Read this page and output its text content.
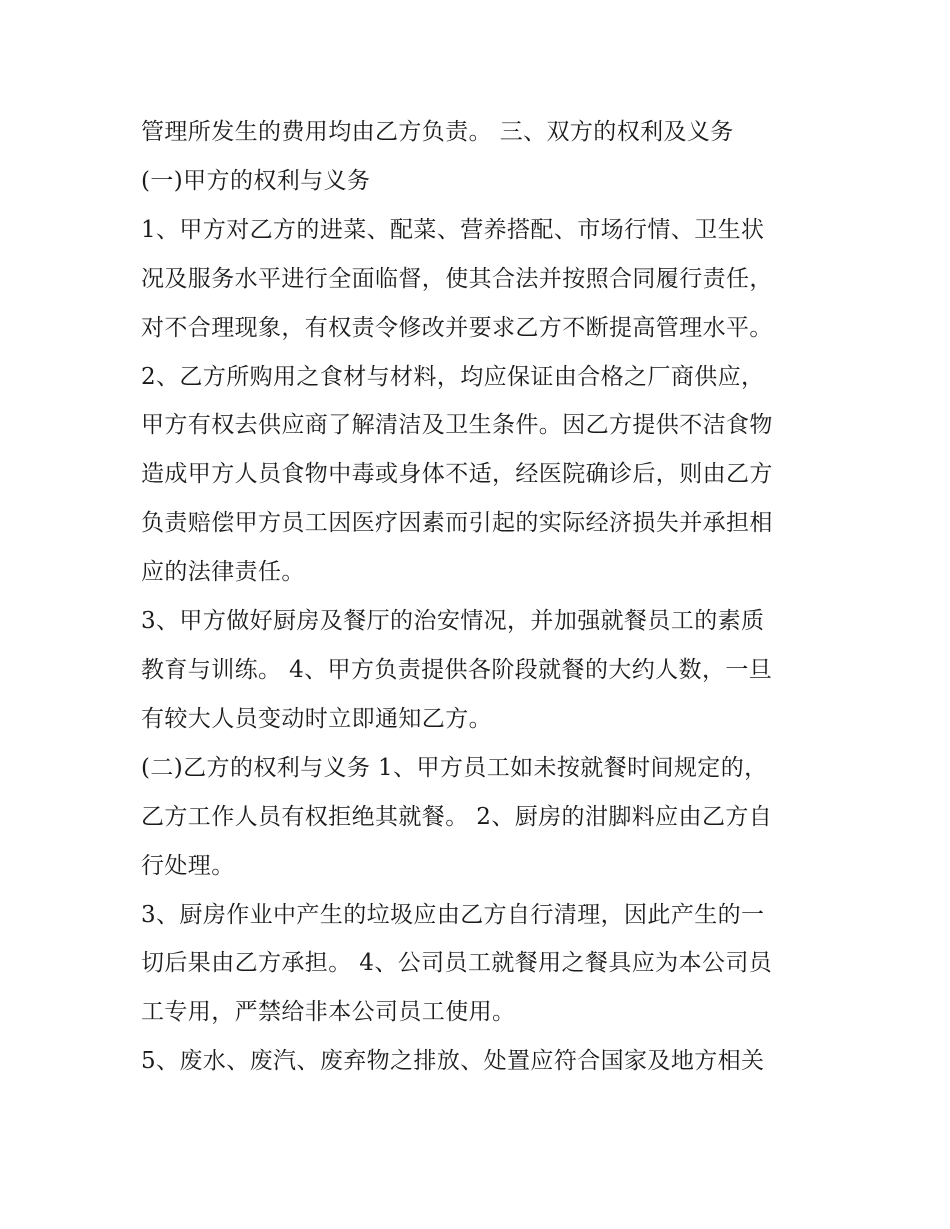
管理所发生的费用均由乙方负责。 三、双方的权利及义务
(一)甲方的权利与义务
1、甲方对乙方的进菜、配菜、营养搭配、市场行情、卫生状
况及服务水平进行全面临督，使其合法并按照合同履行责任，
对不合理现象，有权责令修改并要求乙方不断提高管理水平。
2、乙方所购用之食材与材料，均应保证由合格之厂商供应，
甲方有权去供应商了解清洁及卫生条件。因乙方提供不洁食物
造成甲方人员食物中毒或身体不适，经医院确诊后，则由乙方
负责赔偿甲方员工因医疗因素而引起的实际经济损失并承担相
应的法律责任。
3、甲方做好厨房及餐厅的治安情况，并加强就餐员工的素质
教育与训练。 4、甲方负责提供各阶段就餐的大约人数，一旦
有较大人员变动时立即通知乙方。
(二)乙方的权利与义务 1、甲方员工如未按就餐时间规定的，
乙方工作人员有权拒绝其就餐。 2、厨房的泔脚料应由乙方自
行处理。
3、厨房作业中产生的垃圾应由乙方自行清理，因此产生的一
切后果由乙方承担。 4、公司员工就餐用之餐具应为本公司员
工专用，严禁给非本公司员工使用。
5、废水、废汽、废弃物之排放、处置应符合国家及地方相关
